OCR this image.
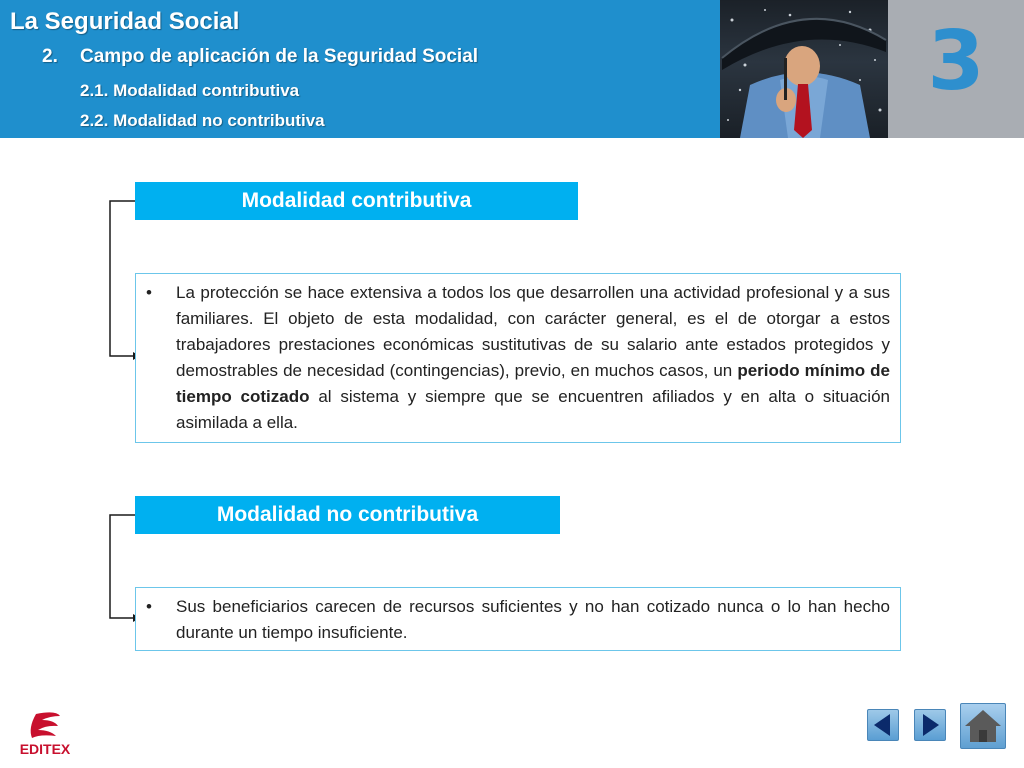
La Seguridad Social
2. Campo de aplicación de la Seguridad Social
2.1. Modalidad contributiva
2.2. Modalidad no contributiva
3
Modalidad contributiva
• La protección se hace extensiva a todos los que desarrollen una actividad profesional y a sus familiares. El objeto de esta modalidad, con carácter general, es el de otorgar a estos trabajadores prestaciones económicas sustitutivas de su salario ante estados protegidos y demostrables de necesidad (contingencias), previo, en muchos casos, un periodo mínimo de tiempo cotizado al sistema y siempre que se encuentren afiliados y en alta o situación asimilada a ella.
Modalidad no contributiva
• Sus beneficiarios carecen de recursos suficientes y no han cotizado nunca o lo han hecho durante un tiempo insuficiente.
EDITEX
